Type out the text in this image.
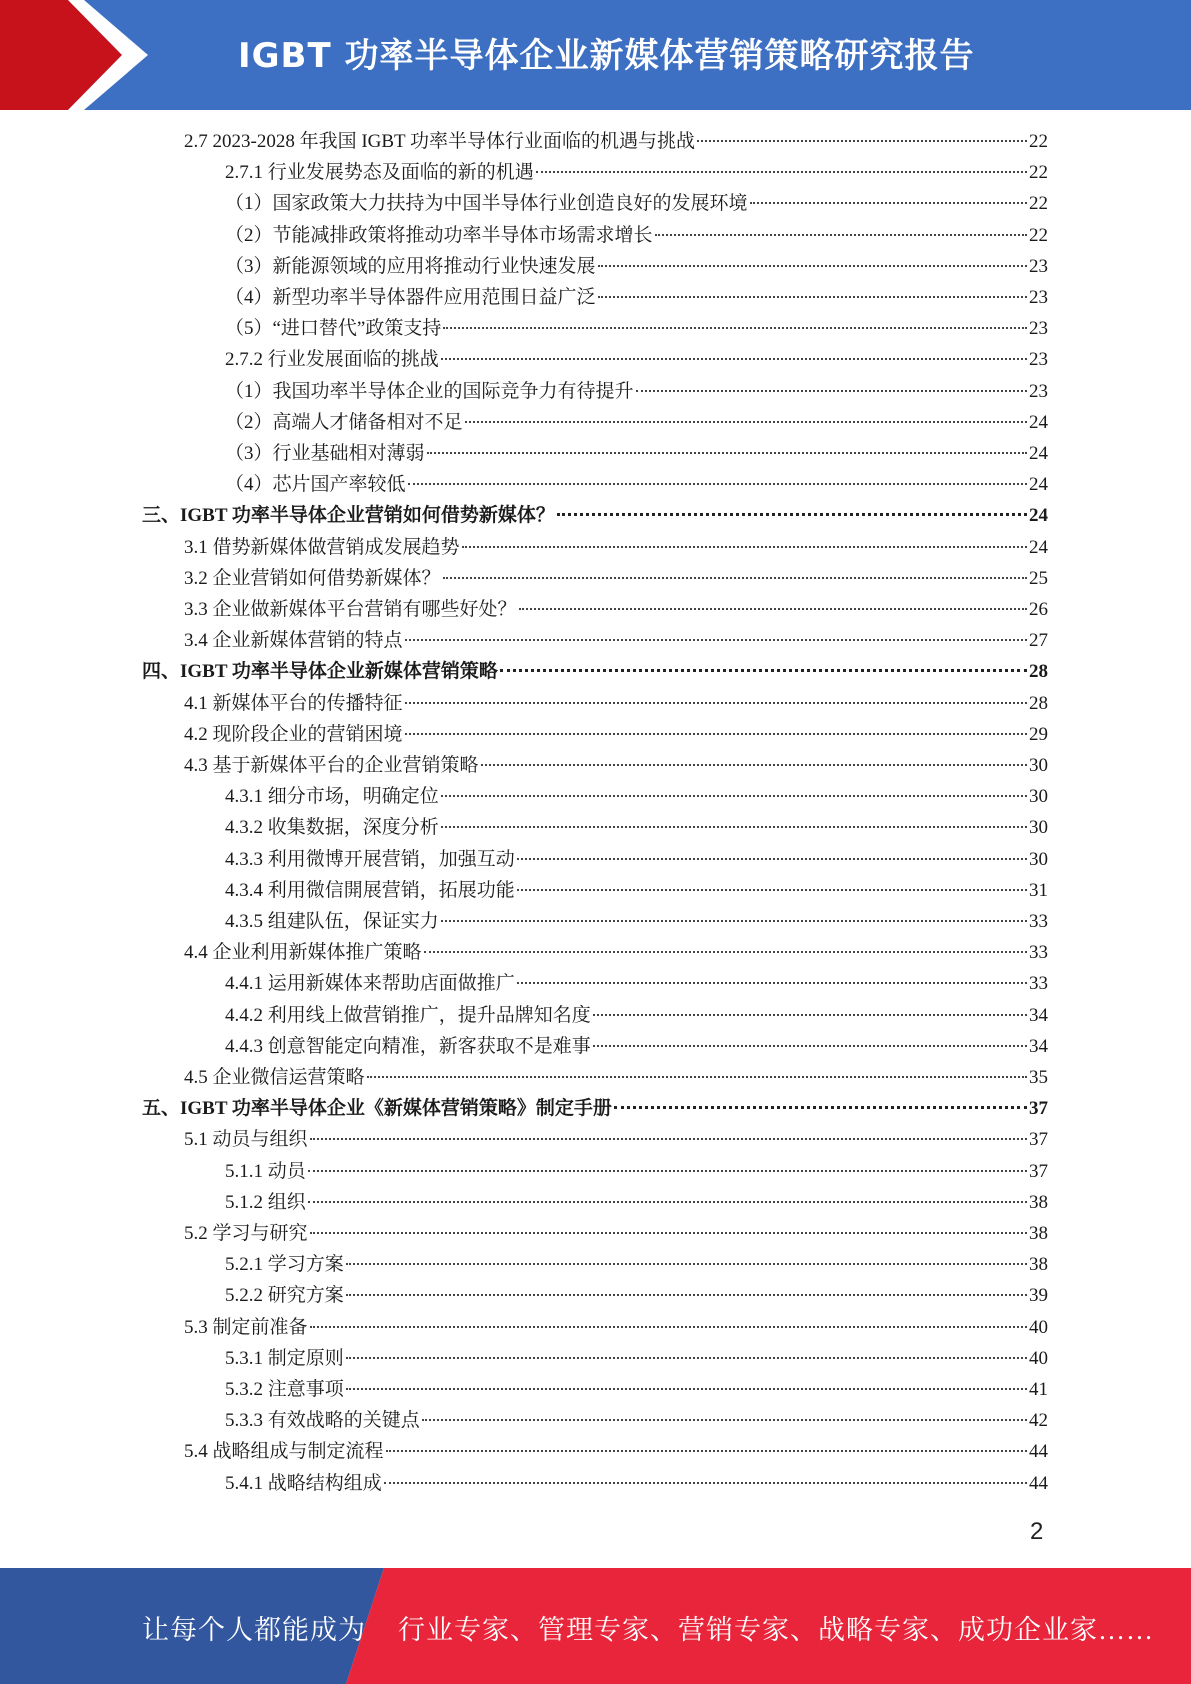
IGBT 功率半导体企业新媒体营销策略研究报告
2.7 2023-2028 年我国 IGBT 功率半导体行业面临的机遇与挑战	22
2.7.1 行业发展势态及面临的新的机遇	22
（1）国家政策大力扶持为中国半导体行业创造良好的发展环境	22
（2）节能减排政策将推动功率半导体市场需求增长	22
（3）新能源领域的应用将推动行业快速发展	23
（4）新型功率半导体器件应用范围日益广泛	23
（5）“进口替代”政策支持	23
2.7.2 行业发展面临的挑战	23
（1）我国功率半导体企业的国际竞争力有待提升	23
（2）高端人才储备相对不足	24
（3）行业基础相对薄弱	24
（4）芯片国产率较低	24
三、IGBT 功率半导体企业营销如何借势新媒体？	24
3.1 借势新媒体做营销成发展趋势	24
3.2 企业营销如何借势新媒体？	25
3.3 企业做新媒体平台营销有哪些好处？	26
3.4 企业新媒体营销的特点	27
四、IGBT 功率半导体企业新媒体营销策略	28
4.1 新媒体平台的传播特征	28
4.2 现阶段企业的营销困境	29
4.3 基于新媒体平台的企业营销策略	30
4.3.1 细分市场，明确定位	30
4.3.2 收集数据，深度分析	30
4.3.3 利用微博开展营销，加强互动	30
4.3.4 利用微信開展营销，拓展功能	31
4.3.5 组建队伍，保证实力	33
4.4 企业利用新媒体推广策略	33
4.4.1 运用新媒体来帮助店面做推广	33
4.4.2 利用线上做营销推广，提升品牌知名度	34
4.4.3 创意智能定向精准，新客获取不是难事	34
4.5 企业微信运营策略	35
五、IGBT 功率半导体企业《新媒体营销策略》制定手册	37
5.1 动员与组织	37
5.1.1 动员	37
5.1.2 组织	38
5.2 学习与研究	38
5.2.1 学习方案	38
5.2.2 研究方案	39
5.3 制定前准备	40
5.3.1 制定原则	40
5.3.2 注意事项	41
5.3.3 有效战略的关键点	42
5.4 战略组成与制定流程	44
5.4.1 战略结构组成	44
2
让每个人都能成为 行业专家、管理专家、营销专家、战略专家、成功企业家……
